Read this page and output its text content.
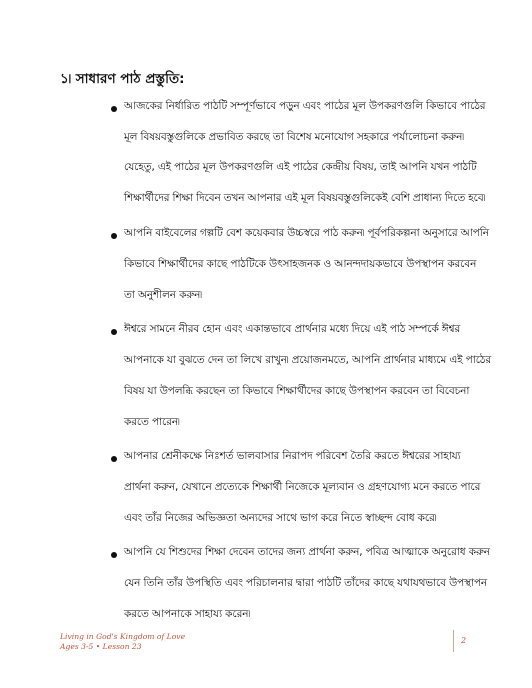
১৷ সাধারণ পাঠ প্রস্তুতি:
আজকের নির্ধারিত পাঠটি সম্পূর্ণভাবে পড়ুন এবং পাঠের মূল উপকরণগুলি কিভাবে পাঠের
মূল বিষয়বস্তুগুলিকে প্রভাবিত করছে তা বিশেষ মনোযোগ সহকারে পর্যালোচনা করুন৷
যেহেতু, এই পাঠের মূল উপকরণগুলি এই পাঠের কেন্দ্রীয় বিষয়, তাই আপনি যখন পাঠটি
শিক্ষার্থীদের শিক্ষা দিবেন তখন আপনার এই মূল বিষয়বস্তুগুলিকেই বেশি প্রাধান্য দিতে হবে৷
আপনি বাইবেলের গল্পটি বেশ কয়েকবার উচ্চস্বরে পাঠ করুন৷ পূর্বপরিকল্পনা অনুসারে আপনি
কিভাবে শিক্ষার্থীদের কাছে পাঠটিকে উৎসাহজনক ও আনন্দদায়কভাবে উপস্থাপন করবেন
তা অনুশীলন করুন৷
ঈশ্বরে সামনে নীরব হোন এবং একান্তভাবে প্রার্থনার মধ্যে দিয়ে এই পাঠ সম্পর্কে ঈশ্বর
আপনাকে যা বুঝতে দেন তা লিখে রাখুন৷ প্রয়োজনমতে, আপনি প্রার্থনার মাধ্যমে এই পাঠের
বিষয় যা উপলব্ধি করছেন তা কিভাবে শিক্ষার্থীদের কাছে উপস্থাপন করবেন তা বিবেচনা
করতে পারেন৷
আপনার শ্রেনীকক্ষে নিঃশর্ত ভালবাসার নিরাপদ পরিবেশ তৈরি করতে ঈশ্বরের সাহায্য
প্রার্থনা করুন, যেখানে প্রত্যেকে শিক্ষার্থী নিজেকে মূল্যবান ও গ্রহণযোগ্য মনে করতে পারে
এবং তাঁর নিজের অভিজ্ঞতা অন্যদের সাথে ভাগ করে নিতে স্বাচ্ছন্দ বোধ করে৷
আপনি যে শিশুদের শিক্ষা দেবেন তাদের জন্য প্রার্থনা করুন, পবিত্র আত্মাকে অনুরোধ করুন
যেন তিনি তাঁর উপস্থিতি এবং পরিচালনার দ্বারা পাঠটি তাঁদের কাছে যথাযথভাবে উপস্থাপন
করতে আপনাকে সাহায্য করেন৷
Living in God's Kingdom of Love
Ages 3-5 • Lesson 23
2
